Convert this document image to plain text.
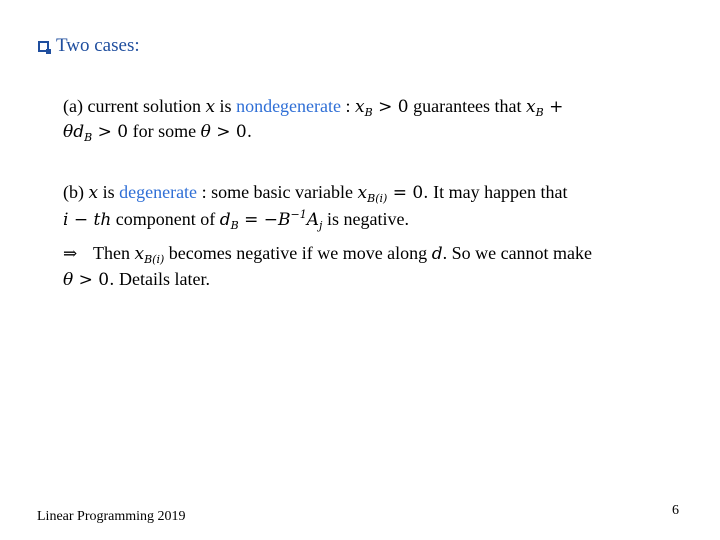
Two cases:
(a) current solution x is nondegenerate : $x_B > 0$ guarantees that $x_B$ +
$\theta d_B > 0$ for some θ > 0.
(b) x is degenerate : some basic variable $x_{B(i)} = 0$. It may happen that
i − th component of $d_B = -B^{-1}A_j$ is negative.
⇒ Then $x_{B(i)}$ becomes negative if we move along d. So we cannot make
θ > 0. Details later.
Linear Programming 2019	6
